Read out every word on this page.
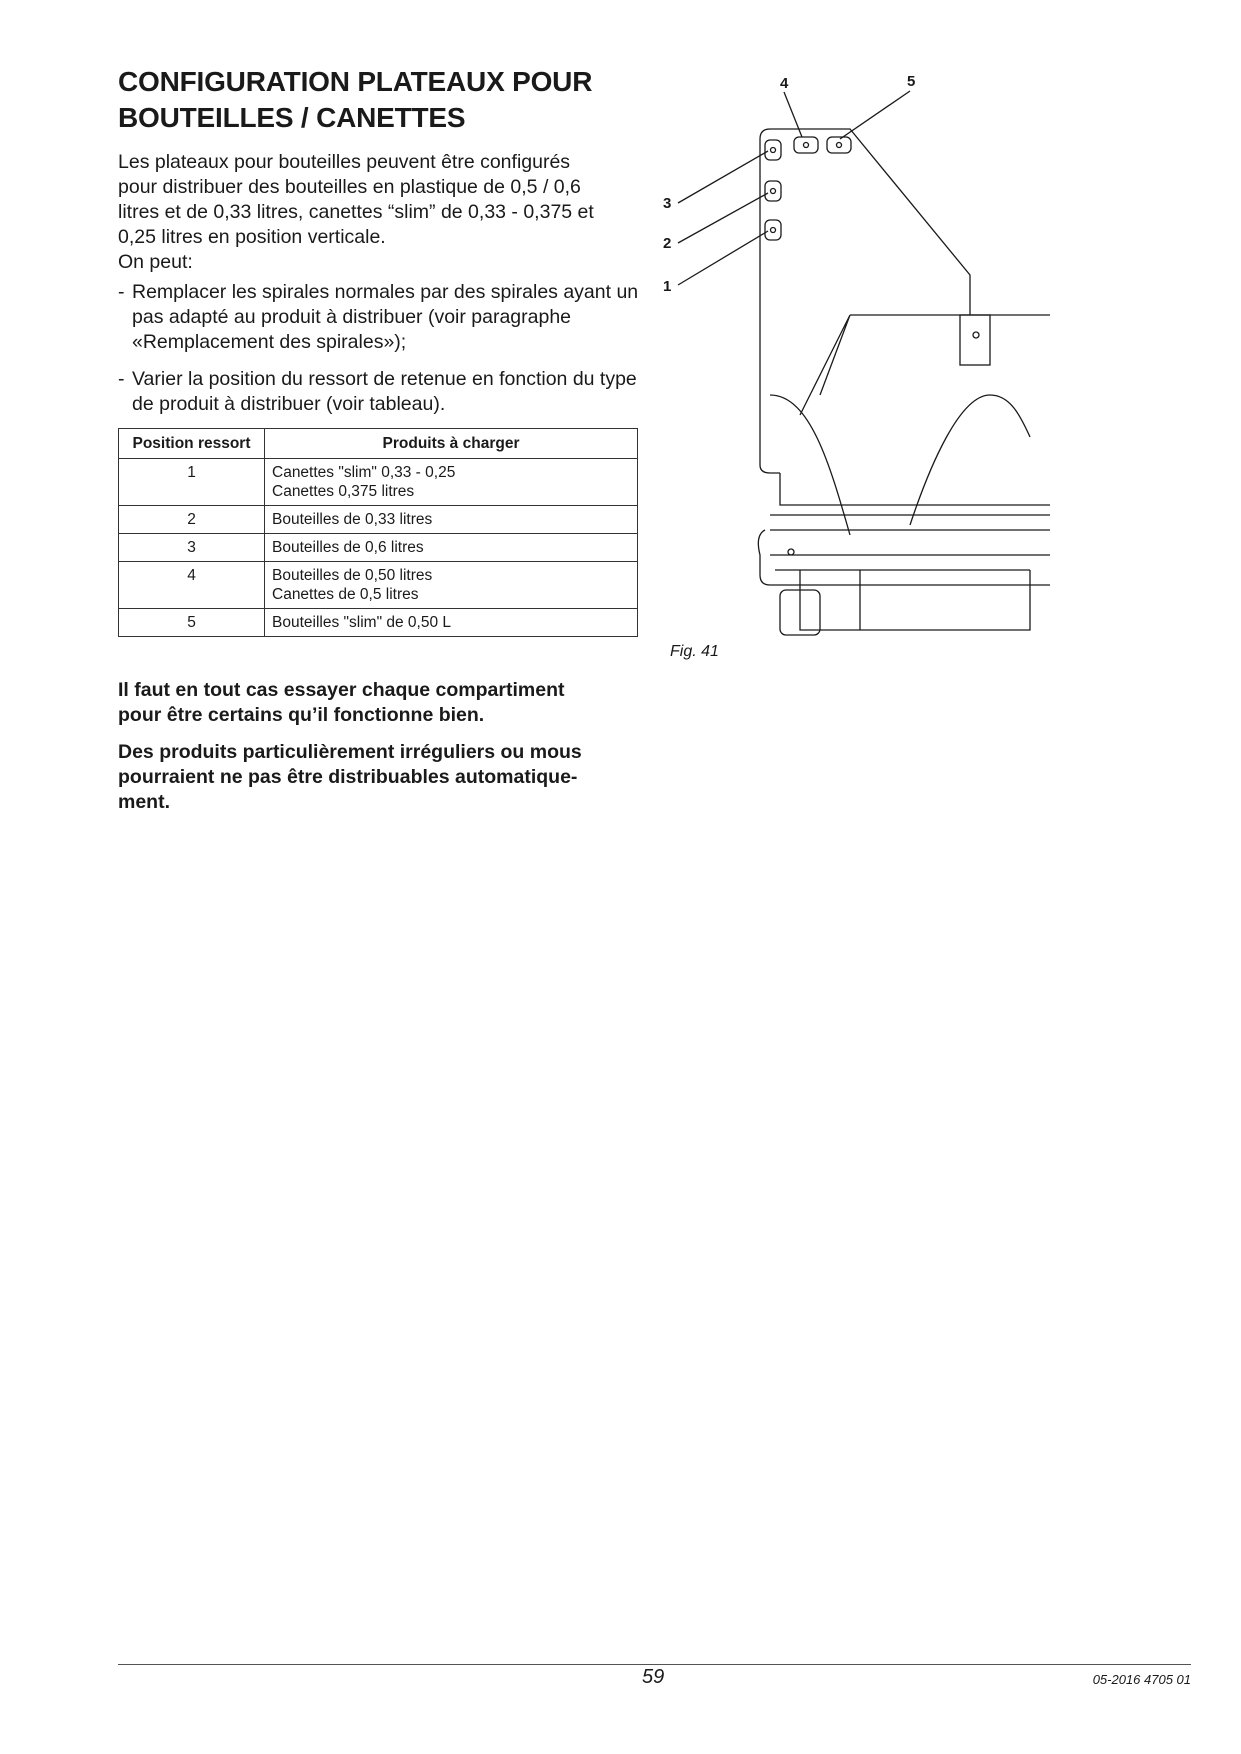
CONFIGURATION PLATEAUX POUR
BOUTEILLES / CANETTES

Les plateaux pour bouteilles peuvent être configurés
pour distribuer des bouteilles en plastique de 0,5 / 0,6
litres et de 0,33 litres, canettes “slim” de 0,33 - 0,375 et
0,25 litres en position verticale.
On peut:

- Remplacer les spirales normales par des spirales ayant un pas adapté au produit à distribuer (voir paragraphe «Remplacement des spirales»);
- Varier la position du ressort de retenue en fonction du type de produit à distribuer (voir tableau).
Position ressort	Produits à charger
1	Canettes "slim" 0,33 - 0,25
Canettes 0,375 litres

2	Bouteilles de 0,33 litres

3	Bouteilles de 0,6 litres

4	Bouteilles de 0,50 litres
Canettes de 0,5 litres

5	Bouteilles "slim" de 0,50 L

Il faut en tout cas essayer chaque compartiment
pour être certains qu’il fonctionne bien.

Des produits particulièrement irréguliers ou mous
pourraient ne pas être distribuables automatique-
ment.

4	5
3
2
1
Fig. 41
59	05-2016 4705 01
